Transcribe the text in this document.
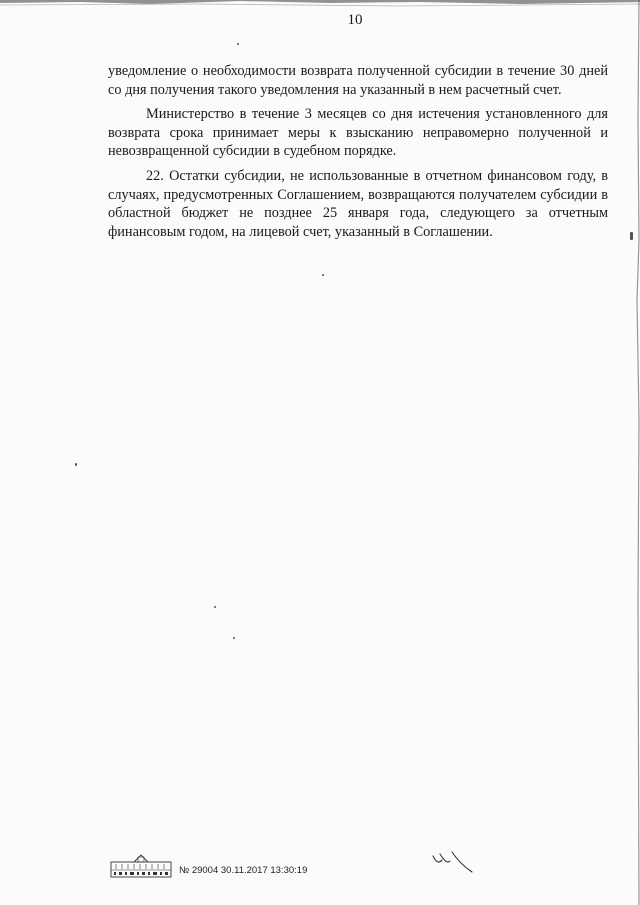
10

уведомление о необходимости возврата полученной субсидии в течение 30 дней со дня получения такого уведомления на указанный в нем расчетный счет.

Министерство в течение 3 месяцев со дня истечения установленного для возврата срока принимает меры к взысканию неправомерно полученной и невозвращенной субсидии в судебном порядке.

22. Остатки субсидии, не использованные в отчетном финансовом году, в случаях, предусмотренных Соглашением, возвращаются получателем субсидии в областной бюджет не позднее 25 января года, следующего за отчетным финансовым годом, на лицевой счет, указанный в Соглашении.

№ 29004 30.11.2017 13:30:19
